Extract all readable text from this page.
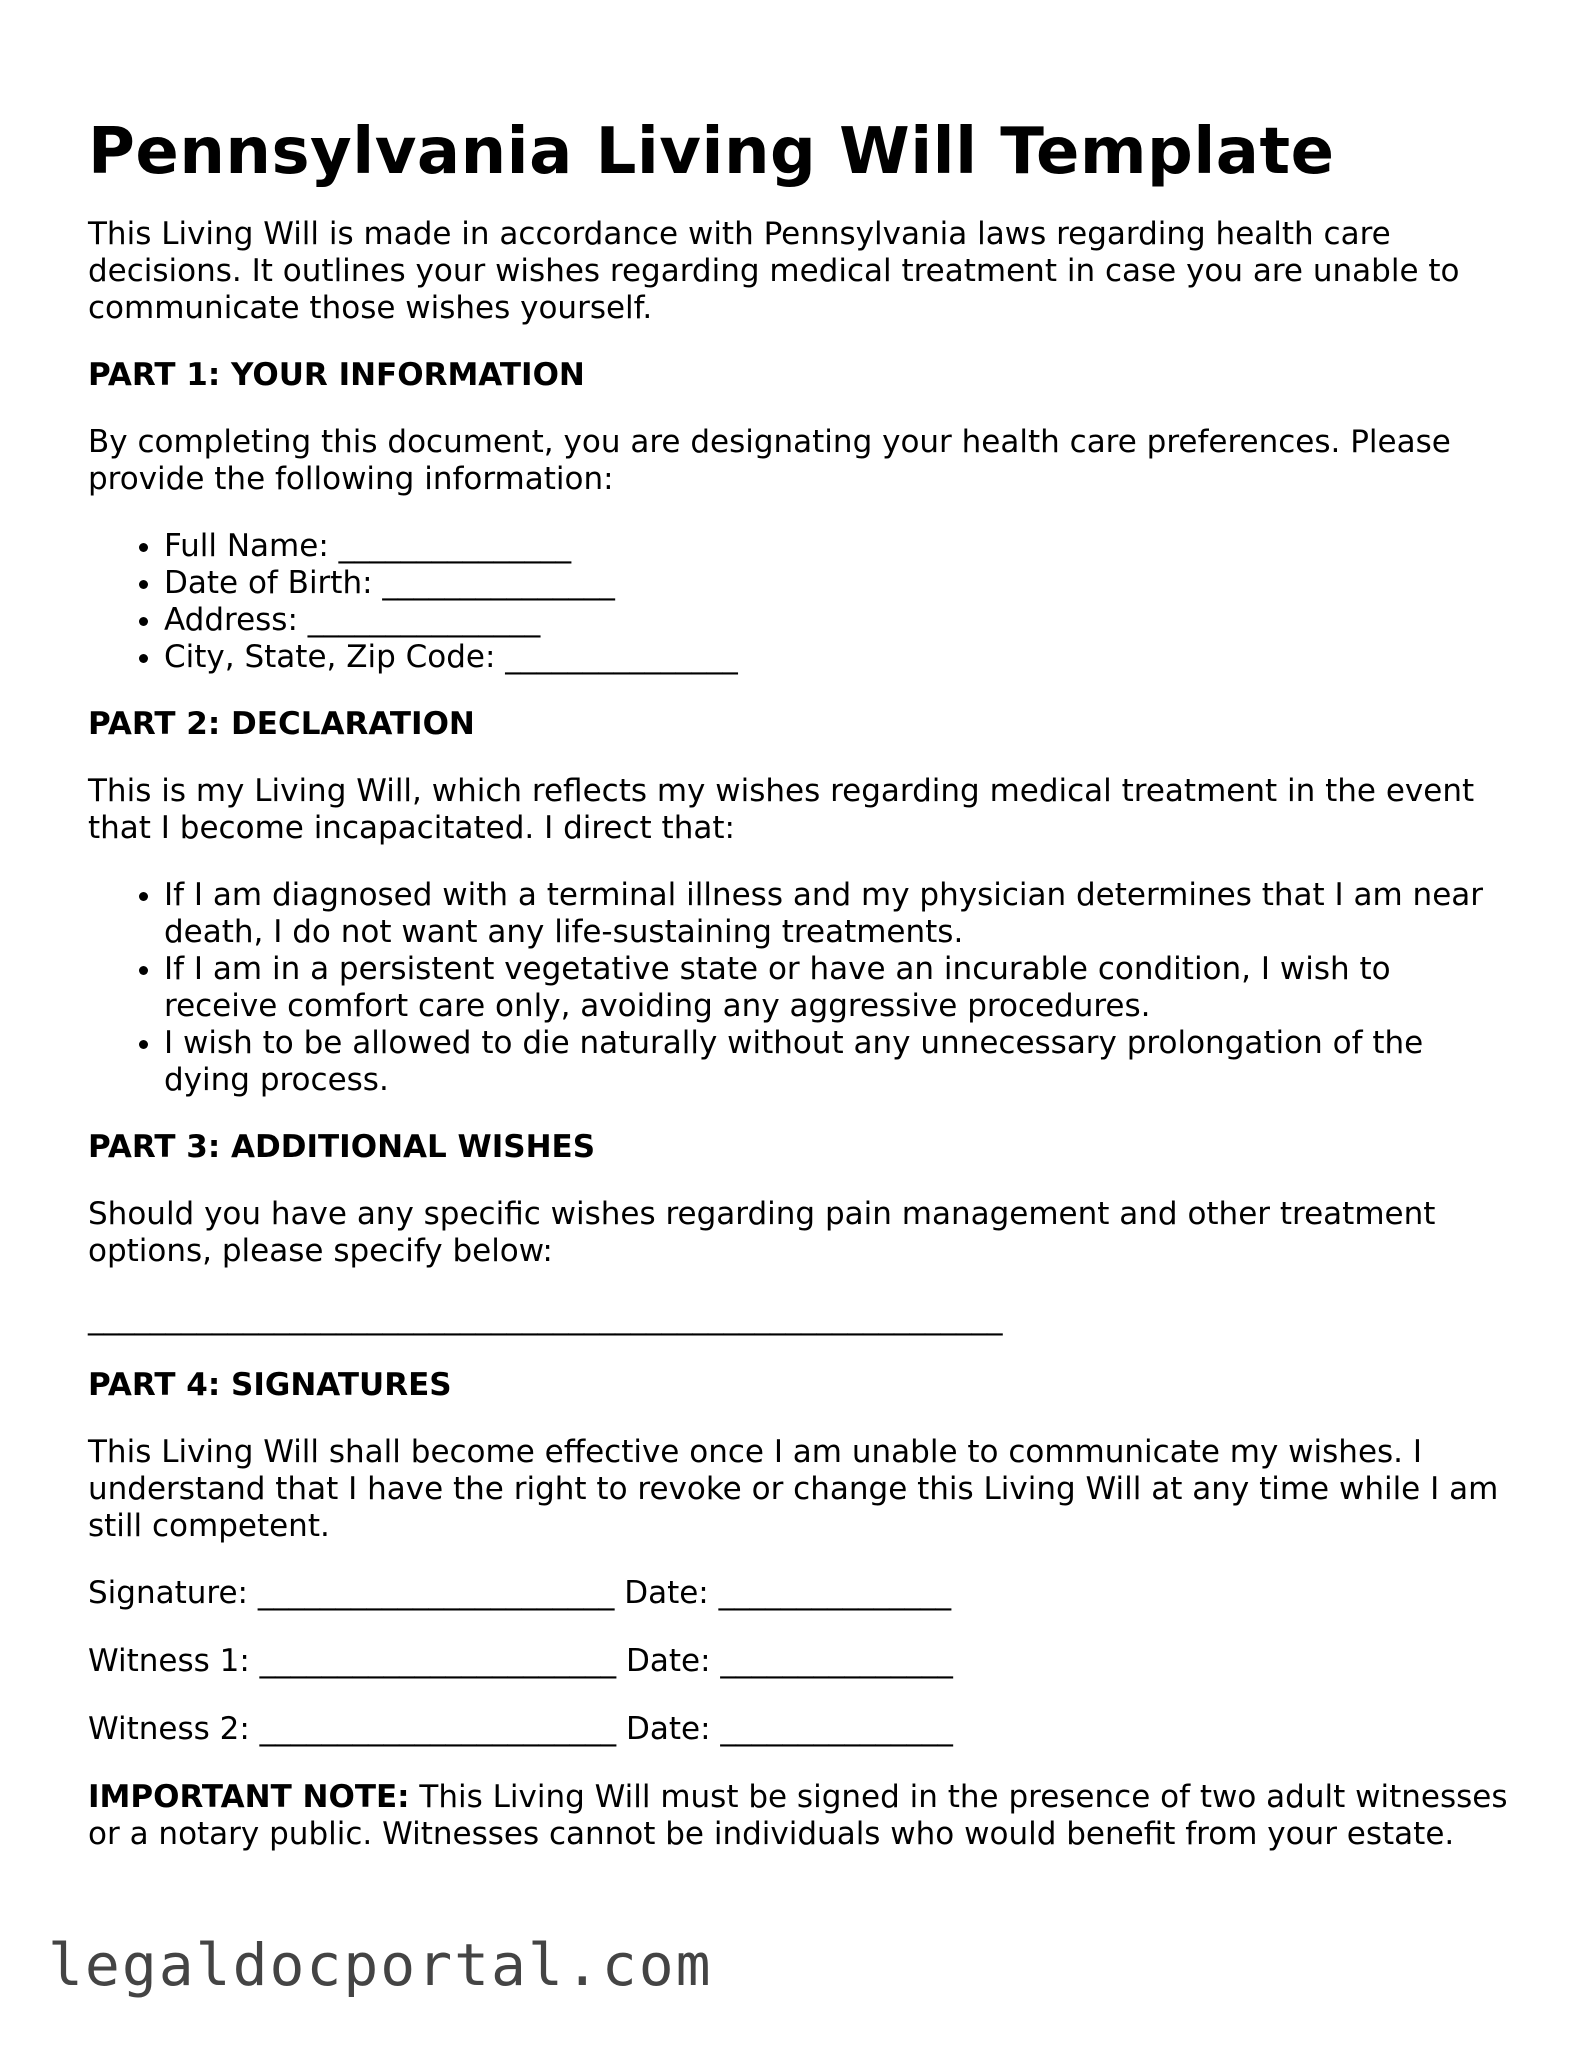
Pennsylvania Living Will Template

This Living Will is made in accordance with Pennsylvania laws regarding health care decisions. It outlines your wishes regarding medical treatment in case you are unable to communicate those wishes yourself.

PART 1: YOUR INFORMATION

By completing this document, you are designating your health care preferences. Please provide the following information:

• Full Name: _______________
• Date of Birth: _______________
• Address: _______________
• City, State, Zip Code: _______________
PART 2: DECLARATION

This is my Living Will, which reflects my wishes regarding medical treatment in the event that I become incapacitated. I direct that:

• If I am diagnosed with a terminal illness and my physician determines that I am near death, I do not want any life-sustaining treatments.
• If I am in a persistent vegetative state or have an incurable condition, I wish to receive comfort care only, avoiding any aggressive procedures.
• I wish to be allowed to die naturally without any unnecessary prolongation of the dying process.
PART 3: ADDITIONAL WISHES

Should you have any specific wishes regarding pain management and other treatment options, please specify below:

___________________________________________________________
PART 4: SIGNATURES

This Living Will shall become effective once I am unable to communicate my wishes. I understand that I have the right to revoke or change this Living Will at any time while I am still competent.

Signature: _______________________ Date: _______________
Witness 1: _______________________ Date: _______________
Witness 2: _______________________ Date: _______________

IMPORTANT NOTE: This Living Will must be signed in the presence of two adult witnesses or a notary public. Witnesses cannot be individuals who would benefit from your estate.

legaldocportal.com
